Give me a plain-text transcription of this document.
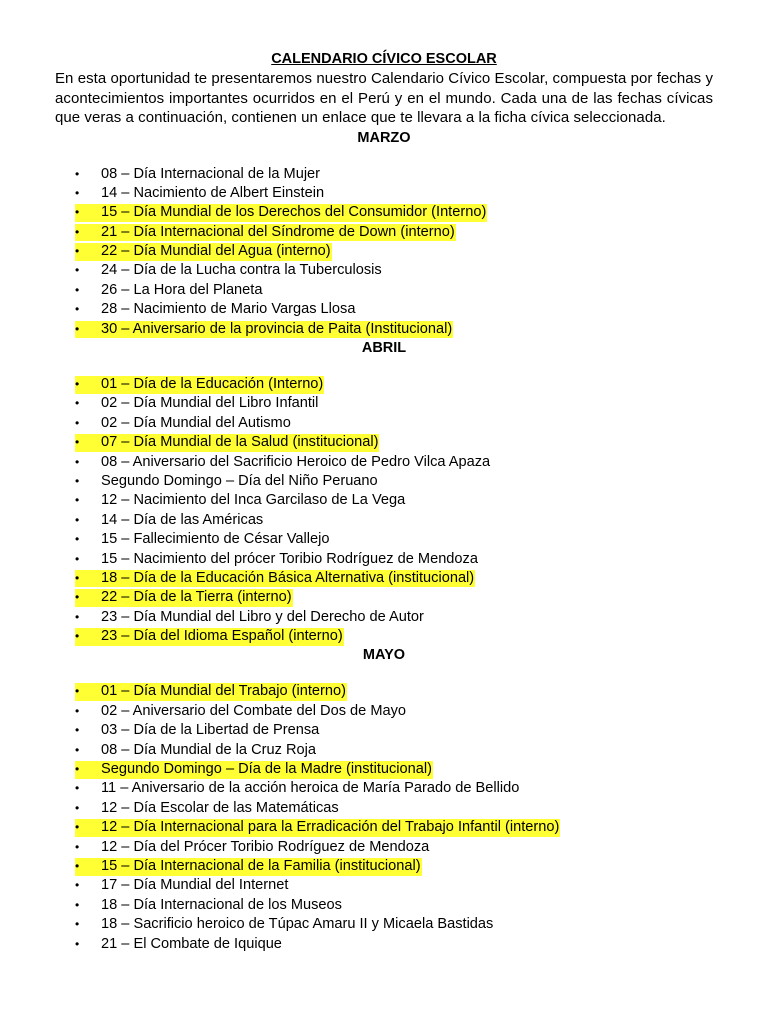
CALENDARIO CÍVICO ESCOLAR

En esta oportunidad te presentaremos nuestro Calendario Cívico Escolar, compuesta por fechas y acontecimientos importantes ocurridos en el Perú y en el mundo. Cada una de las fechas cívicas que veras a continuación, contienen un enlace que te llevara a la ficha cívica seleccionada.

MARZO
•	08 – Día Internacional de la Mujer
•	14 – Nacimiento de Albert Einstein
•	15 – Día Mundial de los Derechos del Consumidor (Interno)
•	21 – Día Internacional del Síndrome de Down (interno)
•	22 – Día Mundial del Agua (interno)
•	24 – Día de la Lucha contra la Tuberculosis
•	26 – La Hora del Planeta
•	28 – Nacimiento de Mario Vargas Llosa
•	30 – Aniversario de la provincia de Paita (Institucional)
ABRIL
•	01 – Día de la Educación (Interno)
•	02 – Día Mundial del Libro Infantil
•	02 – Día Mundial del Autismo
•	07 – Día Mundial de la Salud (institucional)
•	08 – Aniversario del Sacrificio Heroico de Pedro Vilca Apaza
•	Segundo Domingo – Día del Niño Peruano
•	12 – Nacimiento del Inca Garcilaso de La Vega
•	14 – Día de las Américas
•	15 – Fallecimiento de César Vallejo
•	15 – Nacimiento del prócer Toribio Rodríguez de Mendoza
•	18 – Día de la Educación Básica Alternativa (institucional)
•	22 – Día de la Tierra (interno)
•	23 – Día Mundial del Libro y del Derecho de Autor
•	23 – Día del Idioma Español (interno)
MAYO
•	01 – Día Mundial del Trabajo (interno)
•	02 – Aniversario del Combate del Dos de Mayo
•	03 – Día de la Libertad de Prensa
•	08 – Día Mundial de la Cruz Roja
•	Segundo Domingo – Día de la Madre (institucional)
•	11 – Aniversario de la acción heroica de María Parado de Bellido
•	12 – Día Escolar de las Matemáticas
•	12 – Día Internacional para la Erradicación del Trabajo Infantil (interno)
•	12 – Día del Prócer Toribio Rodríguez de Mendoza
•	15 – Día Internacional de la Familia (institucional)
•	17 – Día Mundial del Internet
•	18 – Día Internacional de los Museos
•	18 – Sacrificio heroico de Túpac Amaru II y Micaela Bastidas
•	21 – El Combate de Iquique
